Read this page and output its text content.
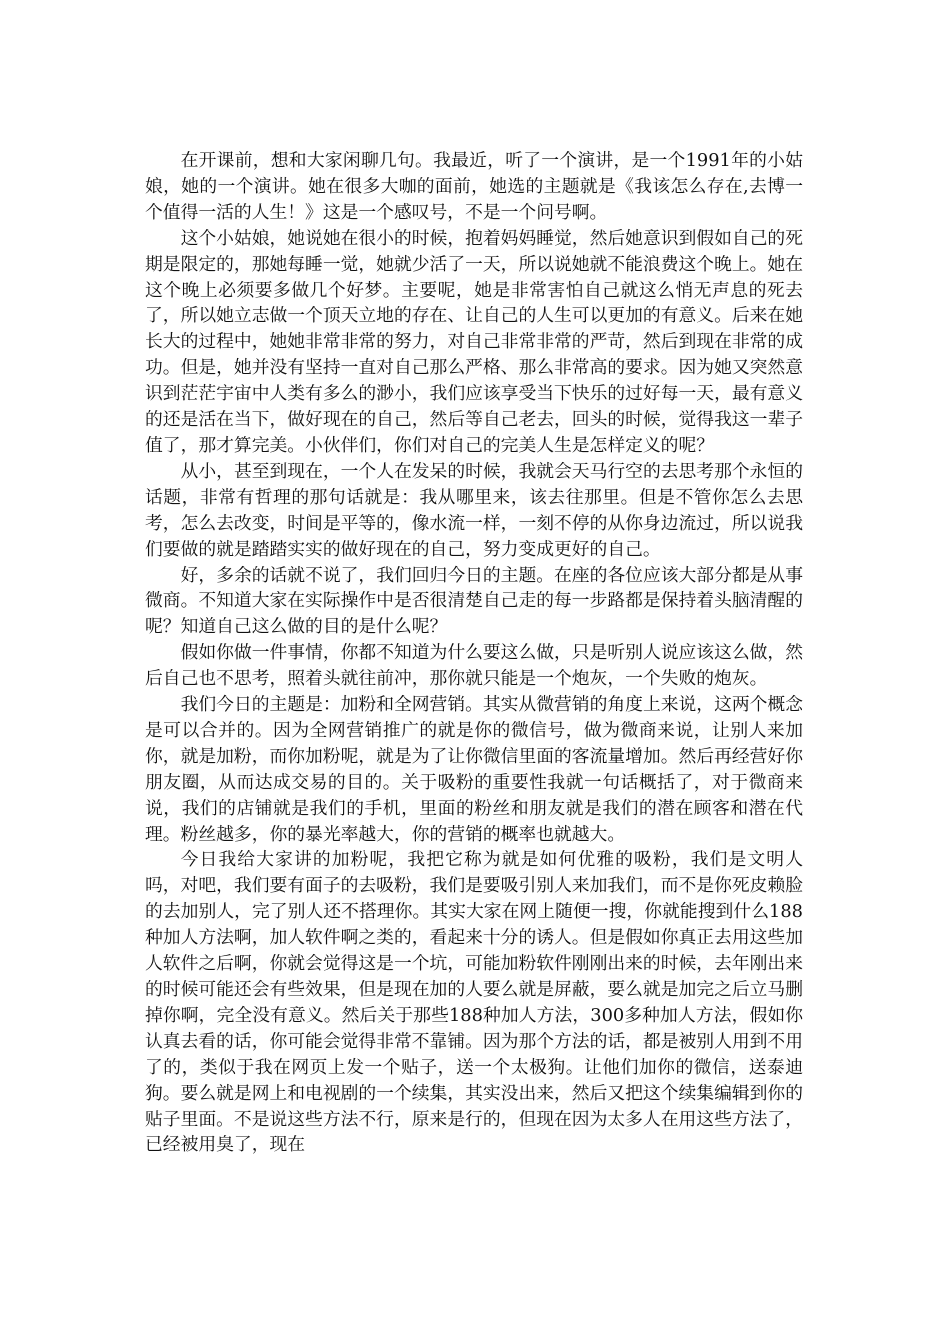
在开课前，想和大家闲聊几句。我最近，听了一个演讲，是一个1991年的小姑娘，她的一个演讲。她在很多大咖的面前，她选的主题就是《我该怎么存在,去博一个值得一活的人生！》这是一个感叹号，不是一个问号啊。

这个小姑娘，她说她在很小的时候，抱着妈妈睡觉，然后她意识到假如自己的死期是限定的，那她每睡一觉，她就少活了一天，所以说她就不能浪费这个晚上。她在这个晚上必须要多做几个好梦。主要呢，她是非常害怕自己就这么悄无声息的死去了，所以她立志做一个顶天立地的存在、让自己的人生可以更加的有意义。后来在她长大的过程中，她她非常非常的努力，对自己非常非常的严苛，然后到现在非常的成功。但是，她并没有坚持一直对自己那么严格、那么非常高的要求。因为她又突然意识到茫茫宇宙中人类有多么的渺小，我们应该享受当下快乐的过好每一天，最有意义的还是活在当下，做好现在的自己，然后等自己老去，回头的时候，觉得我这一辈子值了，那才算完美。小伙伴们，你们对自己的完美人生是怎样定义的呢？

从小，甚至到现在，一个人在发呆的时候，我就会天马行空的去思考那个永恒的话题，非常有哲理的那句话就是：我从哪里来，该去往那里。但是不管你怎么去思考，怎么去改变，时间是平等的，像水流一样，一刻不停的从你身边流过，所以说我们要做的就是踏踏实实的做好现在的自己，努力变成更好的自己。

好，多余的话就不说了，我们回归今日的主题。在座的各位应该大部分都是从事微商。不知道大家在实际操作中是否很清楚自己走的每一步路都是保持着头脑清醒的呢？知道自己这么做的目的是什么呢？

假如你做一件事情，你都不知道为什么要这么做，只是听别人说应该这么做，然后自己也不思考，照着头就往前冲，那你就只能是一个炮灰，一个失败的炮灰。

我们今日的主题是：加粉和全网营销。其实从微营销的角度上来说，这两个概念是可以合并的。因为全网营销推广的就是你的微信号，做为微商来说，让别人来加你，就是加粉，而你加粉呢，就是为了让你微信里面的客流量增加。然后再经营好你朋友圈，从而达成交易的目的。关于吸粉的重要性我就一句话概括了，对于微商来说，我们的店铺就是我们的手机，里面的粉丝和朋友就是我们的潜在顾客和潜在代理。粉丝越多，你的暴光率越大，你的营销的概率也就越大。

今日我给大家讲的加粉呢，我把它称为就是如何优雅的吸粉，我们是文明人 吗，对吧，我们要有面子的去吸粉，我们是要吸引别人来加我们，而不是你死皮赖脸的去加别人，完了别人还不搭理你。其实大家在网上随便一搜，你就能搜到什么188种加人方法啊，加人软件啊之类的，看起来十分的诱人。但是假如你真正去用这些加人软件之后啊，你就会觉得这是一个坑，可能加粉软件刚刚出来的时候，去年刚出来的时候可能还会有些效果，但是现在加的人要么就是屏蔽，要么就是加完之后立马删掉你啊，完全没有意义。然后关于那些188种加人方法，300多种加人方法，假如你认真去看的话，你可能会觉得非常不靠铺。因为那个方法的话，都是被别人用到不用了的，类似于我在网页上发一个贴子，送一个太极狗。让他们加你的微信，送泰迪狗。要么就是网上和电视剧的一个续集，其实没出来，然后又把这个续集编辑到你的贴子里面。不是说这些方法不行，原来是行的，但现在因为太多人在用这些方法了，已经被用臭了，现在
